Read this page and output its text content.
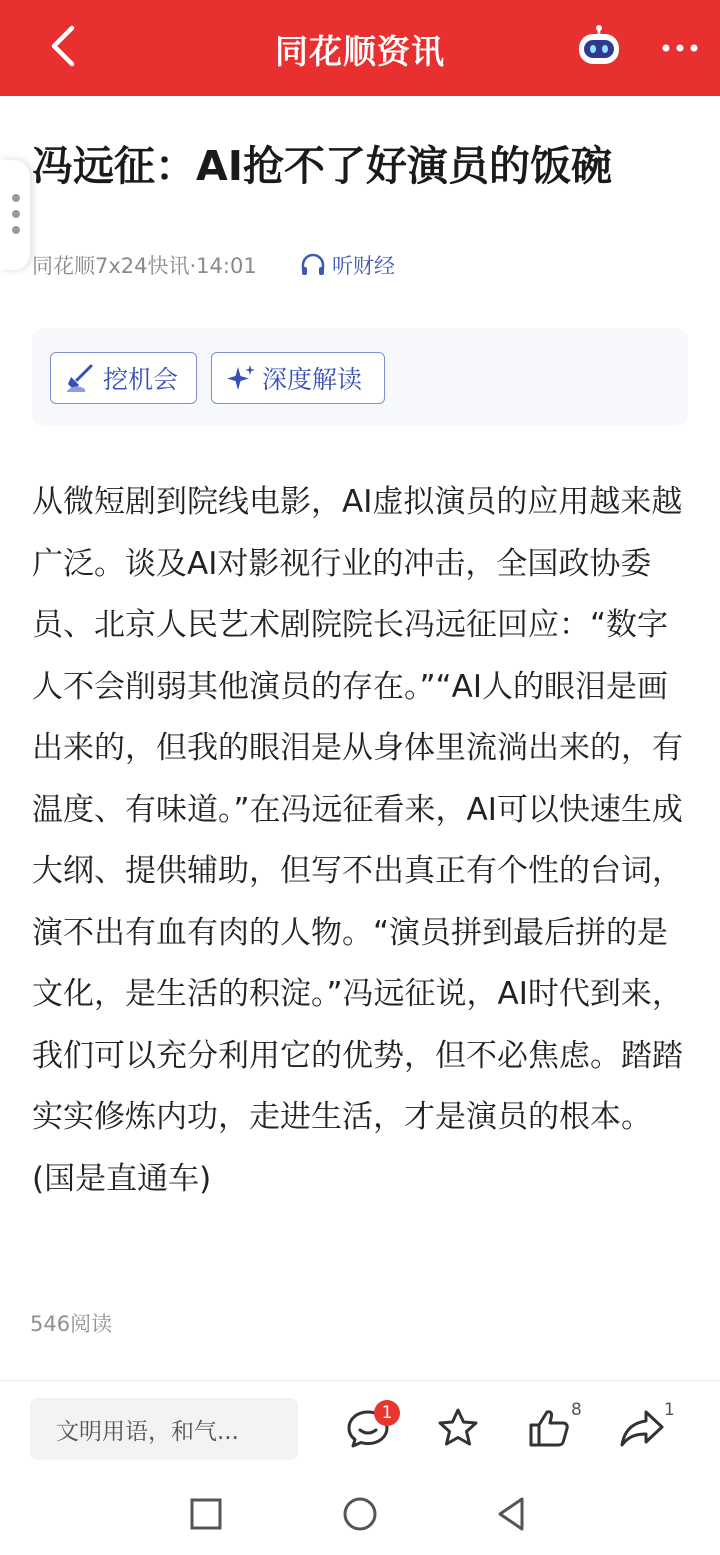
同花顺资讯
冯远征：AI抢不了好演员的饭碗
同花顺7x24快讯·14:01	听财经
挖机会	深度解读
从微短剧到院线电影，AI虚拟演员的应用越来越广泛。谈及AI对影视行业的冲击，全国政协委员、北京人民艺术剧院院长冯远征回应：“数字人不会削弱其他演员的存在。”“AI人的眼泪是画出来的，但我的眼泪是从身体里流淌出来的，有温度、有味道。”在冯远征看来，AI可以快速生成大纲、提供辅助，但写不出真正有个性的台词，演不出有血有肉的人物。“演员拼到最后拼的是文化，是生活的积淀。”冯远征说，AI时代到来，我们可以充分利用它的优势，但不必焦虑。踏踏实实修炼内功，走进生活，才是演员的根本。(国是直通车)
546阅读
文明用语，和气...
1	8	1
